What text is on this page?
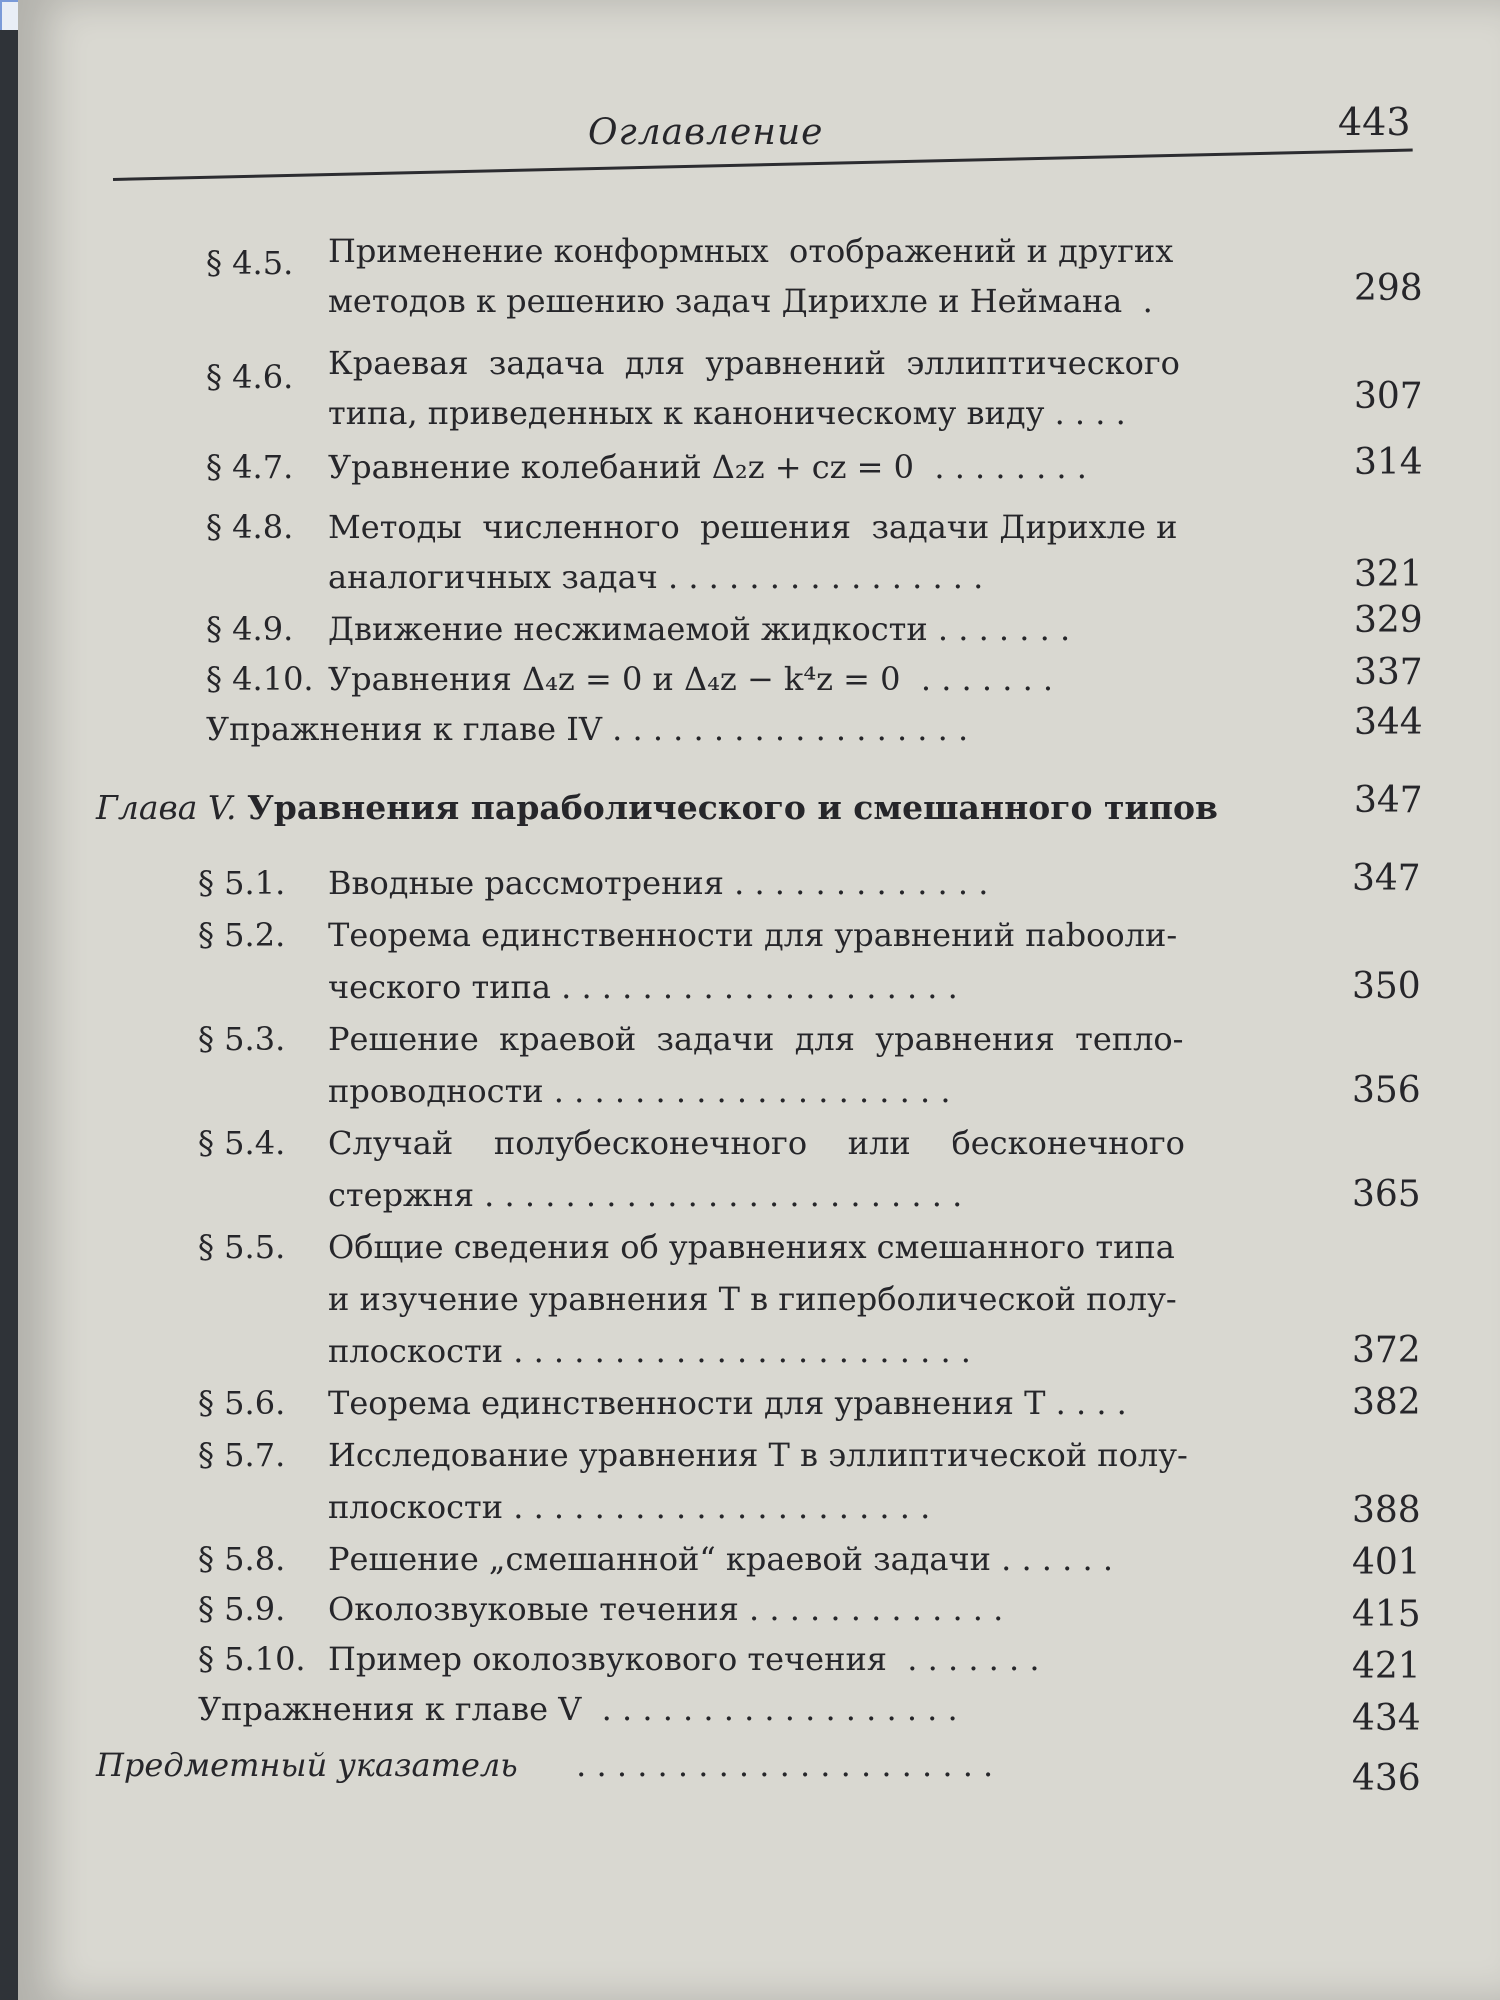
Оглавление	443
§ 4.5. Применение конформных  отображений и других
методов к решению задач Дирихле и Неймана  .	298
§ 4.6. Краевая  задача  для  уравнений  эллиптического
типа, приведенных к каноническому виду . . . .	307
§ 4.7. Уравнение колебаний Δ₂z + cz = 0  . . . . . . . .	314
§ 4.8. Методы  численного  решения  задачи Дирихле и
аналогичных задач . . . . . . . . . . . . . . . .	321
§ 4.9. Движение несжимаемой жидкости . . . . . . .	329
§ 4.10. Уравнения Δ₄z = 0 и Δ₄z − k⁴z = 0  . . . . . . .	337
Упражнения к главе IV . . . . . . . . . . . . . . . . . .	344
Глава V. Уравнения параболического и смешанного типов	347
§ 5.1. Вводные рассмотрения . . . . . . . . . . . . .	347
§ 5.2. Теорема единственности для уравнений паbooли-
ческого типа . . . . . . . . . . . . . . . . . . . .	350
§ 5.3. Решение  краевой  задачи  для  уравнения  тепло-
проводности . . . . . . . . . . . . . . . . . . . .	356
§ 5.4. Случай    полубесконечного    или    бесконечного
стержня . . . . . . . . . . . . . . . . . . . . . . . .	365
§ 5.5. Общие сведения об уравнениях смешанного типа
и изучение уравнения T в гиперболической полу-
плоскости . . . . . . . . . . . . . . . . . . . . . . .	372
§ 5.6. Теорема единственности для уравнения T . . . .	382
§ 5.7. Исследование уравнения T в эллиптической полу-
плоскости . . . . . . . . . . . . . . . . . . . . .	388
§ 5.8. Решение „смешанной“ краевой задачи . . . . . .	401
§ 5.9. Околозвуковые течения . . . . . . . . . . . . .	415
§ 5.10. Пример околозвукового течения  . . . . . . .	421
Упражнения к главе V  . . . . . . . . . . . . . . . . . .	434
Предметный указатель . . . . . . . . . . . . . . . . . . . . .	436
